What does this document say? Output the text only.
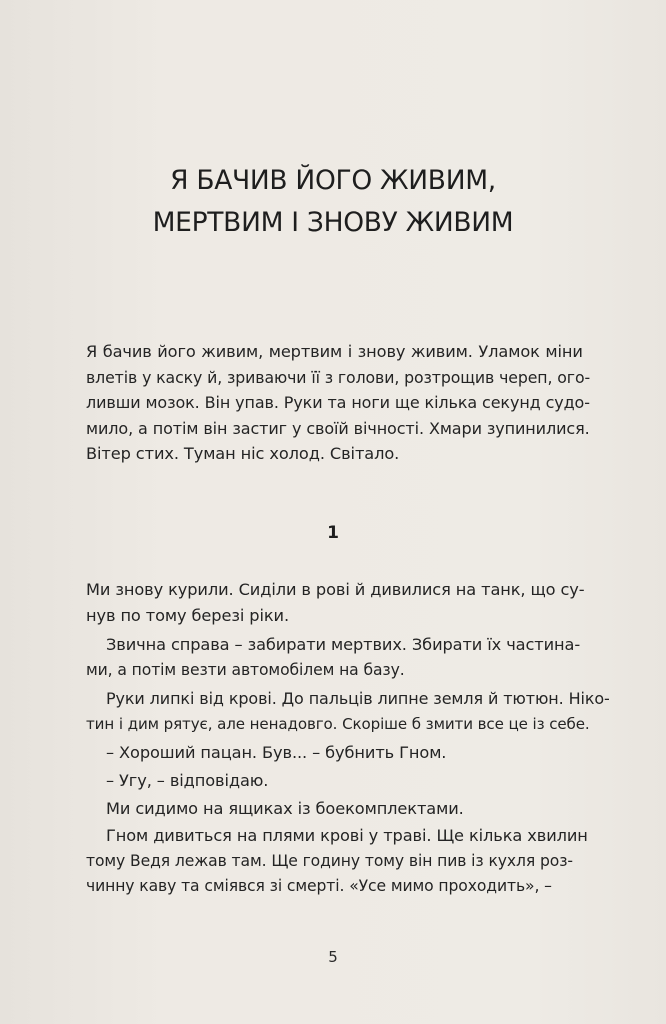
Я БАЧИВ ЙОГО ЖИВИМ,
МЕРТВИМ І ЗНОВУ ЖИВИМ
Я бачив його живим, мертвим і знову живим. Уламок міни
влетів у каску й, зриваючи її з голови, розтрощив череп, ого-
ливши мозок. Він упав. Руки та ноги ще кілька секунд судо-
мило, а потім він застиг у своїй вічності. Хмари зупинилися.
Вітер стих. Туман ніс холод. Світало.
1
Ми знову курили. Сиділи в рові й дивилися на танк, що су-
нув по тому березі ріки.
Звична справа – забирати мертвих. Збирати їх частина-
ми, а потім везти автомобілем на базу.
Руки липкі від крові. До пальців липне земля й тютюн. Ніко-
тин і дим рятує, але ненадовго. Скоріше б змити все це із себе.
– Хороший пацан. Був... – бубнить Гном.
– Угу, – відповідаю.
Ми сидимо на ящиках із боекомплектами.
Гном дивиться на плями крові у траві. Ще кілька хвилин
тому Ведя лежав там. Ще годину тому він пив із кухля роз-
чинну каву та сміявся зі смерті. «Усе мимо проходить», –
5
